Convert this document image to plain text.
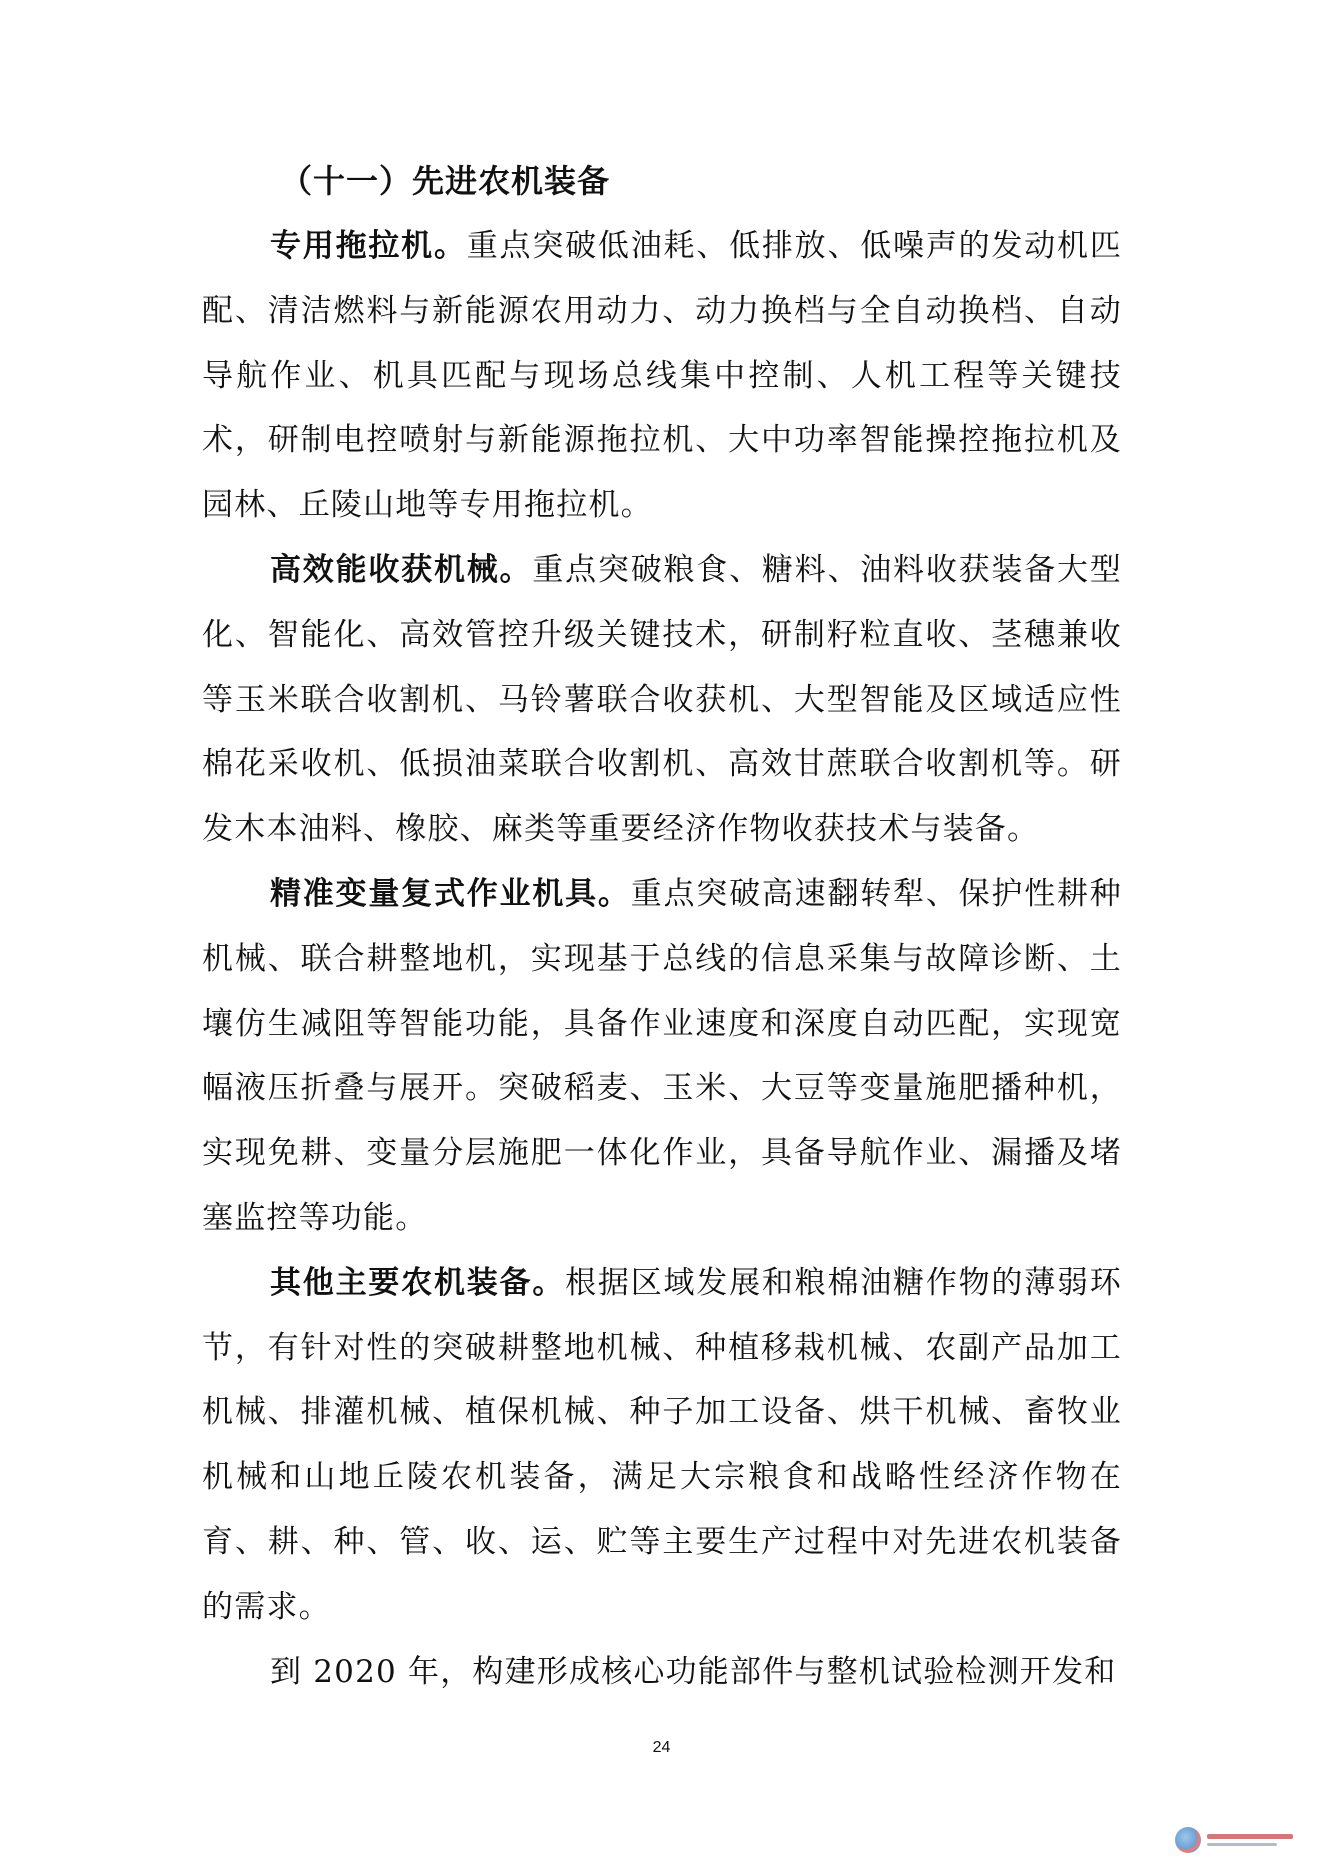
（十一）先进农机装备

专用拖拉机。重点突破低油耗、低排放、低噪声的发动机匹配、清洁燃料与新能源农用动力、动力换档与全自动换档、自动导航作业、机具匹配与现场总线集中控制、人机工程等关键技术，研制电控喷射与新能源拖拉机、大中功率智能操控拖拉机及园林、丘陵山地等专用拖拉机。

高效能收获机械。重点突破粮食、糖料、油料收获装备大型化、智能化、高效管控升级关键技术，研制籽粒直收、茎穗兼收等玉米联合收割机、马铃薯联合收获机、大型智能及区域适应性棉花采收机、低损油菜联合收割机、高效甘蔗联合收割机等。研发木本油料、橡胶、麻类等重要经济作物收获技术与装备。

精准变量复式作业机具。重点突破高速翻转犁、保护性耕种机械、联合耕整地机，实现基于总线的信息采集与故障诊断、土壤仿生减阻等智能功能，具备作业速度和深度自动匹配，实现宽幅液压折叠与展开。突破稻麦、玉米、大豆等变量施肥播种机，实现免耕、变量分层施肥一体化作业，具备导航作业、漏播及堵塞监控等功能。

其他主要农机装备。根据区域发展和粮棉油糖作物的薄弱环节，有针对性的突破耕整地机械、种植移栽机械、农副产品加工机械、排灌机械、植保机械、种子加工设备、烘干机械、畜牧业机械和山地丘陵农机装备，满足大宗粮食和战略性经济作物在育、耕、种、管、收、运、贮等主要生产过程中对先进农机装备的需求。

到 2020 年，构建形成核心功能部件与整机试验检测开发和

24
